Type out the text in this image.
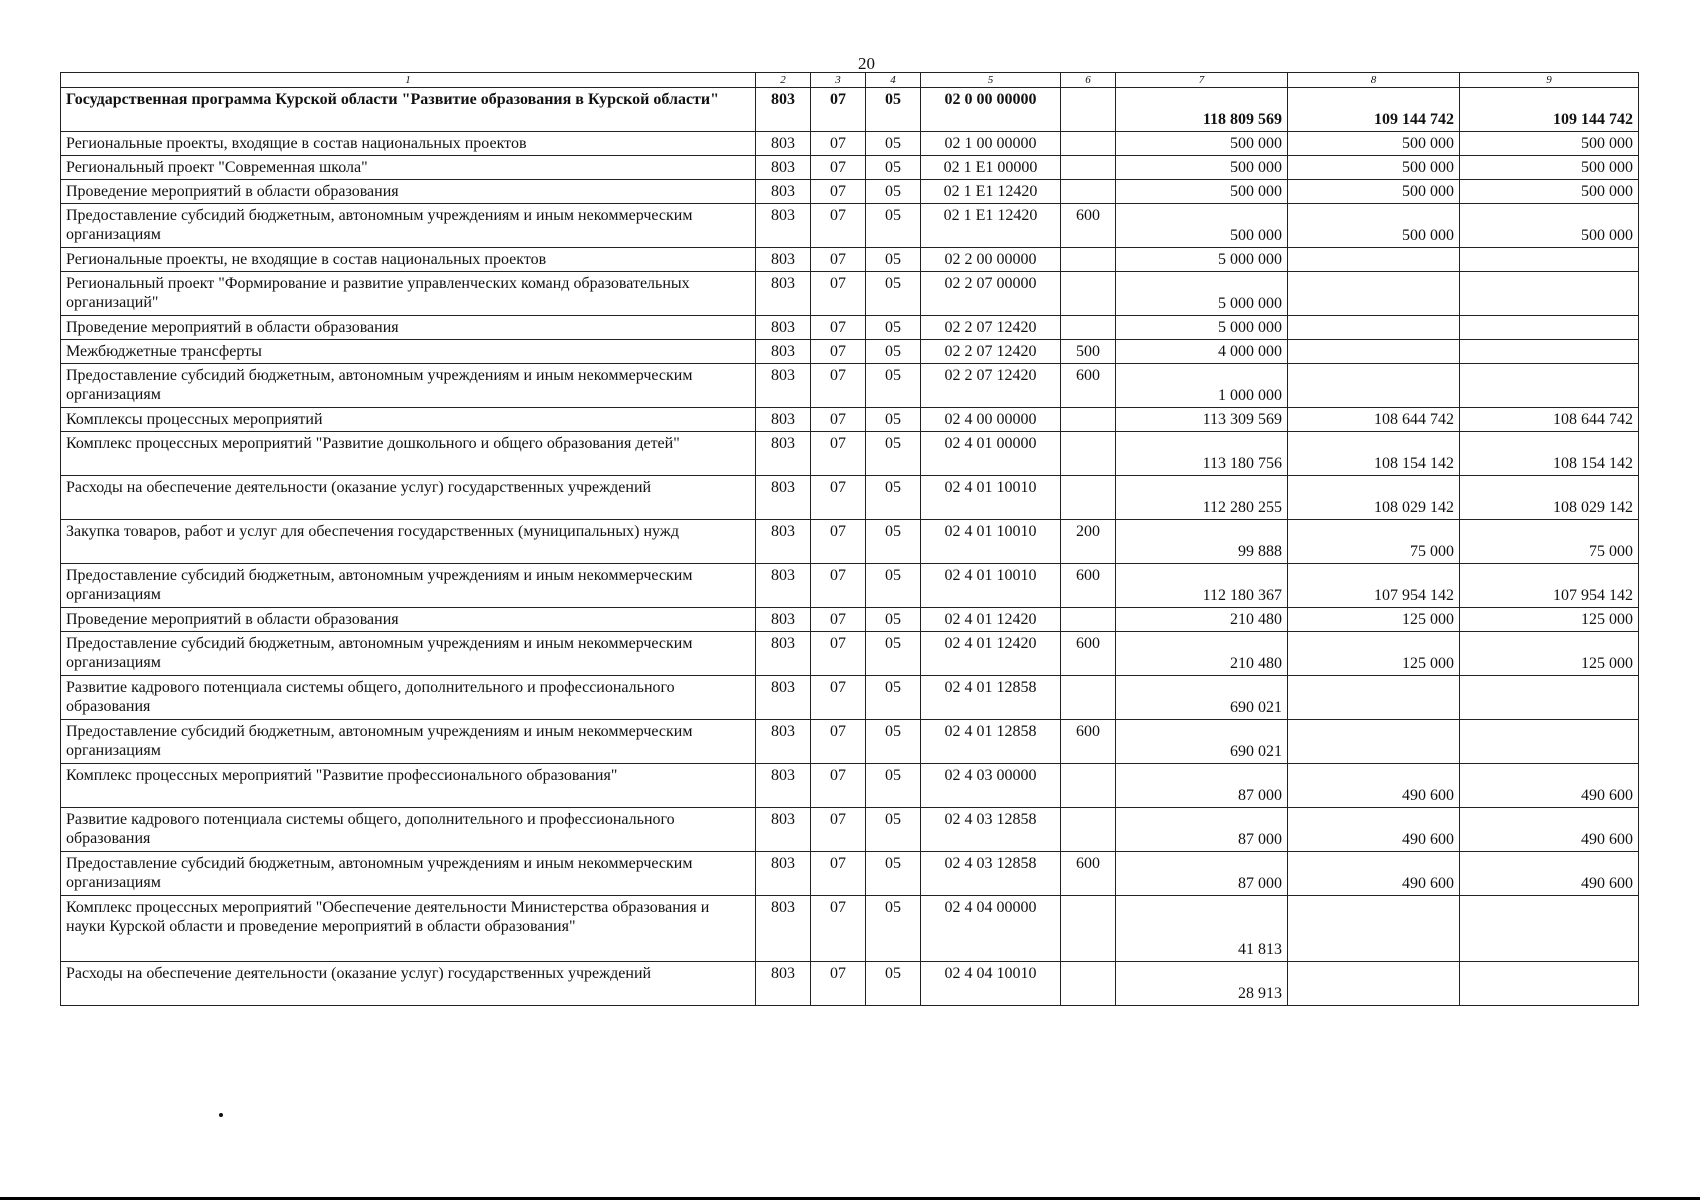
20
1	2	3	4	5	6	7	8	9
Государственная программа Курской области "Развитие образования в Курской области"	803	07	05	02 0 00 00000		118 809 569	109 144 742	109 144 742
Региональные проекты, входящие в состав национальных проектов	803	07	05	02 1 00 00000		500 000	500 000	500 000
Региональный проект "Современная школа"	803	07	05	02 1 E1 00000		500 000	500 000	500 000
Проведение мероприятий в области образования	803	07	05	02 1 E1 12420		500 000	500 000	500 000
Предоставление субсидий бюджетным, автономным учреждениям и иным некоммерческим организациям	803	07	05	02 1 E1 12420	600	500 000	500 000	500 000
Региональные проекты, не входящие в состав национальных проектов	803	07	05	02 2 00 00000		5 000 000		
Региональный проект "Формирование и развитие управленческих команд образовательных организаций"	803	07	05	02 2 07 00000		5 000 000		
Проведение мероприятий в области образования	803	07	05	02 2 07 12420		5 000 000		
Межбюджетные трансферты	803	07	05	02 2 07 12420	500	4 000 000		
Предоставление субсидий бюджетным, автономным учреждениям и иным некоммерческим организациям	803	07	05	02 2 07 12420	600	1 000 000		
Комплексы процессных мероприятий	803	07	05	02 4 00 00000		113 309 569	108 644 742	108 644 742
Комплекс процессных мероприятий "Развитие дошкольного и общего образования детей"	803	07	05	02 4 01 00000		113 180 756	108 154 142	108 154 142
Расходы на обеспечение деятельности (оказание услуг) государственных учреждений	803	07	05	02 4 01 10010		112 280 255	108 029 142	108 029 142
Закупка товаров, работ и услуг для обеспечения государственных (муниципальных) нужд	803	07	05	02 4 01 10010	200	99 888	75 000	75 000
Предоставление субсидий бюджетным, автономным учреждениям и иным некоммерческим организациям	803	07	05	02 4 01 10010	600	112 180 367	107 954 142	107 954 142
Проведение мероприятий в области образования	803	07	05	02 4 01 12420		210 480	125 000	125 000
Предоставление субсидий бюджетным, автономным учреждениям и иным некоммерческим организациям	803	07	05	02 4 01 12420	600	210 480	125 000	125 000
Развитие кадрового потенциала системы общего, дополнительного и профессионального образования	803	07	05	02 4 01 12858		690 021		
Предоставление субсидий бюджетным, автономным учреждениям и иным некоммерческим организациям	803	07	05	02 4 01 12858	600	690 021		
Комплекс процессных мероприятий "Развитие профессионального образования"	803	07	05	02 4 03 00000		87 000	490 600	490 600
Развитие кадрового потенциала системы общего, дополнительного и профессионального образования	803	07	05	02 4 03 12858		87 000	490 600	490 600
Предоставление субсидий бюджетным, автономным учреждениям и иным некоммерческим организациям	803	07	05	02 4 03 12858	600	87 000	490 600	490 600
Комплекс процессных мероприятий "Обеспечение деятельности Министерства образования и науки Курской области и проведение мероприятий в области образования"	803	07	05	02 4 04 00000		41 813		
Расходы на обеспечение деятельности (оказание услуг) государственных учреждений	803	07	05	02 4 04 10010		28 913		
